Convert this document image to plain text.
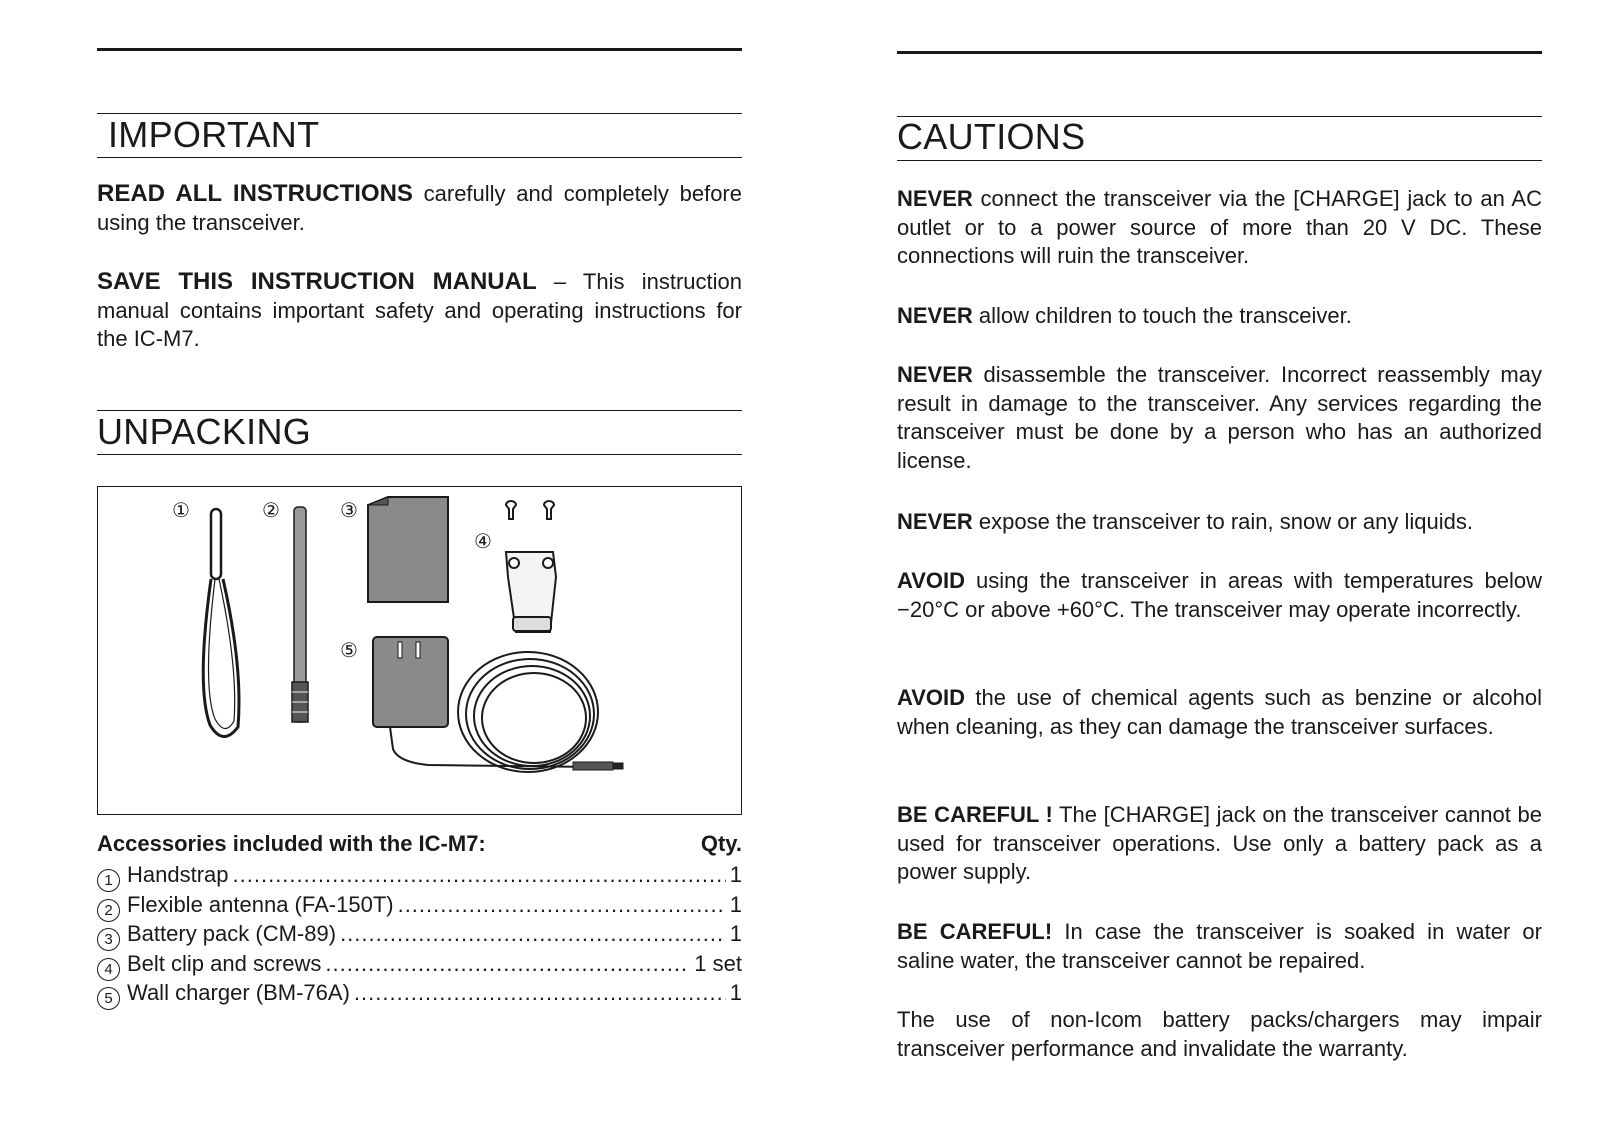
IMPORTANT
READ ALL INSTRUCTIONS carefully and completely before using the transceiver.
SAVE THIS INSTRUCTION MANUAL – This instruction manual contains important safety and operating instructions for the IC-M7.
UNPACKING
①	②	③
④
⑤
Accessories included with the IC-M7:	Qty.
1 Handstrap .....	1
2 Flexible antenna (FA-150T) .....	1
3 Battery pack (CM-89) .....	1
4 Belt clip and screws .....	1 set
5 Wall charger (BM-76A) .....	1
CAUTIONS
NEVER connect the transceiver via the [CHARGE] jack to an AC outlet or to a power source of more than 20 V DC. These connections will ruin the transceiver.
NEVER allow children to touch the transceiver.
NEVER disassemble the transceiver. Incorrect reassembly may result in damage to the transceiver. Any services regarding the transceiver must be done by a person who has an authorized license.
NEVER expose the transceiver to rain, snow or any liquids.
AVOID using the transceiver in areas with temperatures below −20°C or above +60°C. The transceiver may operate incorrectly.
AVOID the use of chemical agents such as benzine or alcohol when cleaning, as they can damage the transceiver surfaces.
BE CAREFUL ! The [CHARGE] jack on the transceiver cannot be used for transceiver operations. Use only a battery pack as a power supply.
BE CAREFUL! In case the transceiver is soaked in water or saline water, the transceiver cannot be repaired.
The use of non-Icom battery packs/chargers may impair transceiver performance and invalidate the warranty.
